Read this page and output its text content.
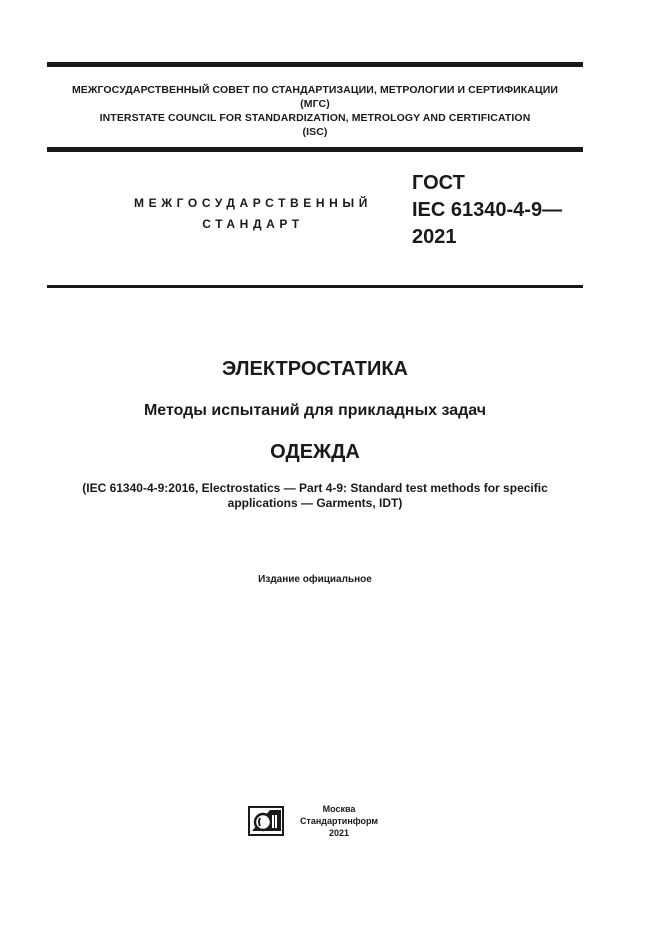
МЕЖГОСУДАРСТВЕННЫЙ СОВЕТ ПО СТАНДАРТИЗАЦИИ, МЕТРОЛОГИИ И СЕРТИФИКАЦИИ
(МГС)
INTERSTATE COUNCIL FOR STANDARDIZATION, METROLOGY AND CERTIFICATION
(ISC)
МЕЖГОСУДАРСТВЕННЫЙ
СТАНДАРТ
ГОСТ
IEC 61340-4-9—
2021
ЭЛЕКТРОСТАТИКА
Методы испытаний для прикладных задач
ОДЕЖДА
(IEC 61340-4-9:2016, Electrostatics — Part 4-9: Standard test methods for specific
applications — Garments, IDT)
Издание официальное
Москва
Стандартинформ
2021
